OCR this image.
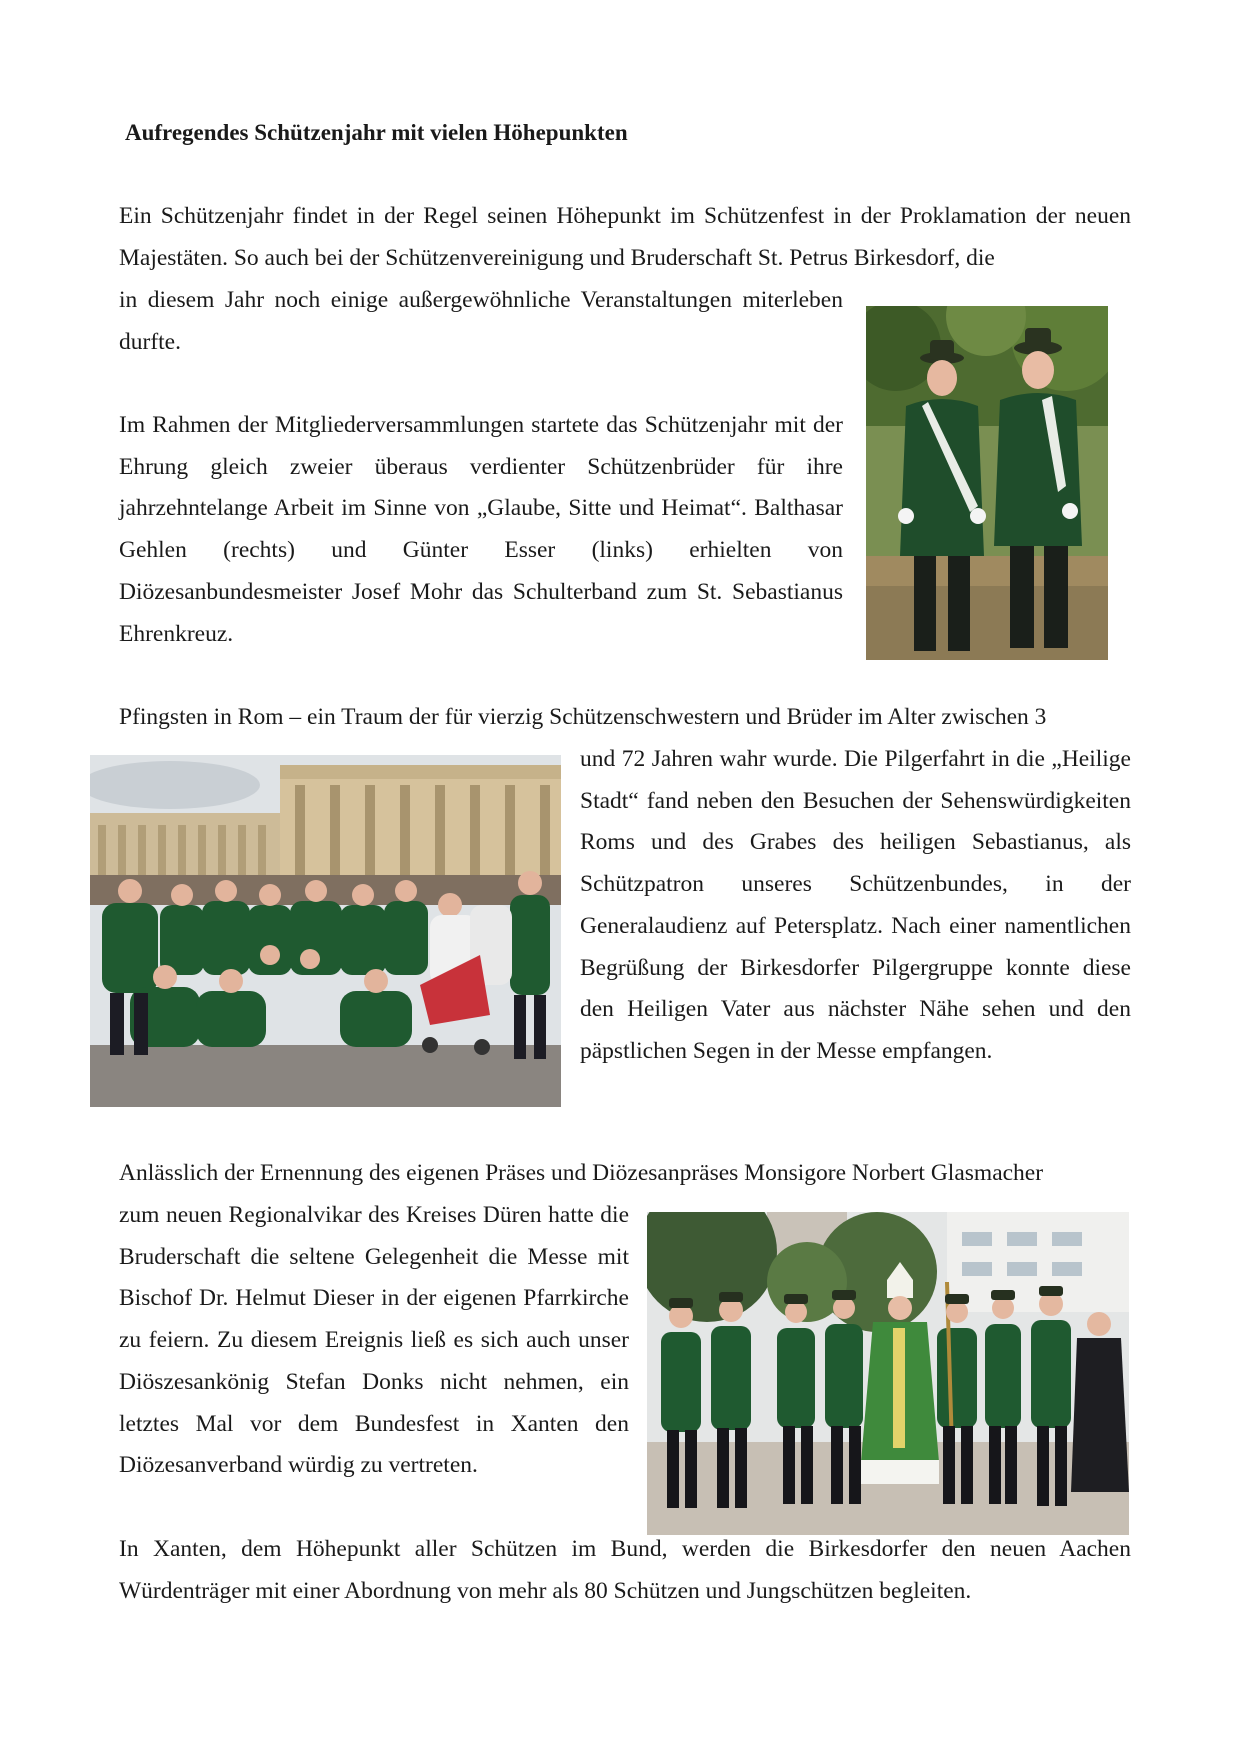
Aufregendes Schützenjahr mit vielen Höhepunkten

Ein Schützenjahr findet in der Regel seinen Höhepunkt im Schützenfest in der Proklamation der neuen Majestäten. So auch bei der Schützenvereinigung und Bruderschaft St. Petrus Birkesdorf, die

in diesem Jahr noch einige außergewöhnliche Veranstaltungen miterleben durfte.

Im Rahmen der Mitgliederversammlungen startete das Schützenjahr mit der Ehrung gleich zweier überaus verdienter Schützenbrüder für ihre jahrzehntelange Arbeit im Sinne von „Glaube, Sitte und Heimat“. Balthasar Gehlen (rechts) und Günter Esser (links) erhielten von Diözesanbundesmeister Josef Mohr das Schulterband zum St. Sebastianus Ehrenkreuz.

Pfingsten in Rom – ein Traum der für vierzig Schützenschwestern und Brüder im Alter zwischen 3

und 72 Jahren wahr wurde. Die Pilgerfahrt in die „Heilige Stadt“ fand neben den Besuchen der Sehenswürdigkeiten Roms und des Grabes des heiligen Sebastianus, als Schützpatron unseres Schützenbundes, in der Generalaudienz auf Petersplatz. Nach einer namentlichen Begrüßung der Birkesdorfer Pilgergruppe konnte diese den Heiligen Vater aus nächster Nähe sehen und den päpstlichen Segen in der Messe empfangen.

Anlässlich der Ernennung des eigenen Präses und Diözesanpräses Monsigore Norbert Glasmacher

zum neuen Regionalvikar des Kreises Düren hatte die Bruderschaft die seltene Gelegenheit die Messe mit Bischof Dr. Helmut Dieser in der eigenen Pfarrkirche zu feiern. Zu diesem Ereignis ließ es sich auch unser Diöszesankönig Stefan Donks nicht nehmen, ein letztes Mal vor dem Bundesfest in Xanten den Diözesanverband würdig zu vertreten.

In Xanten, dem Höhepunkt aller Schützen im Bund, werden die Birkesdorfer den neuen Aachen Würdenträger mit einer Abordnung von mehr als 80 Schützen und Jungschützen begleiten.
